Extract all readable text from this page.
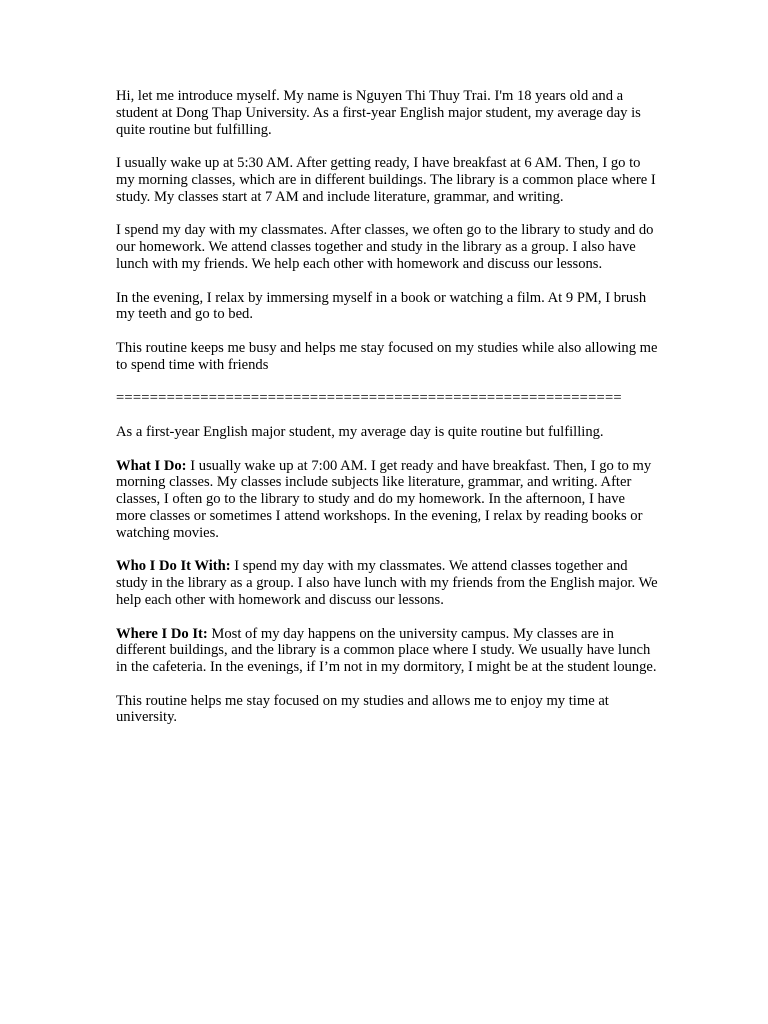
Hi, let me introduce myself. My name is Nguyen Thi Thuy Trai. I'm 18 years old and a student at Dong Thap University. As a first-year English major student, my average day is quite routine but fulfilling.

I usually wake up at 5:30 AM. After getting ready, I have breakfast at 6 AM. Then, I go to my morning classes, which are in different buildings. The library is a common place where I study. My classes start at 7 AM and include literature, grammar, and writing.

I spend my day with my classmates. After classes, we often go to the library to study and do our homework. We attend classes together and study in the library as a group. I also have lunch with my friends. We help each other with homework and discuss our lessons.

In the evening, I relax by immersing myself in a book or watching a film. At 9 PM, I brush my teeth and go to bed.

This routine keeps me busy and helps me stay focused on my studies while also allowing me to spend time with friends

============================================================

As a first-year English major student, my average day is quite routine but fulfilling.

What I Do: I usually wake up at 7:00 AM. I get ready and have breakfast. Then, I go to my morning classes. My classes include subjects like literature, grammar, and writing. After classes, I often go to the library to study and do my homework. In the afternoon, I have more classes or sometimes I attend workshops. In the evening, I relax by reading books or watching movies.

Who I Do It With: I spend my day with my classmates. We attend classes together and study in the library as a group. I also have lunch with my friends from the English major. We help each other with homework and discuss our lessons.

Where I Do It: Most of my day happens on the university campus. My classes are in different buildings, and the library is a common place where I study. We usually have lunch in the cafeteria. In the evenings, if I’m not in my dormitory, I might be at the student lounge.

This routine helps me stay focused on my studies and allows me to enjoy my time at university.
